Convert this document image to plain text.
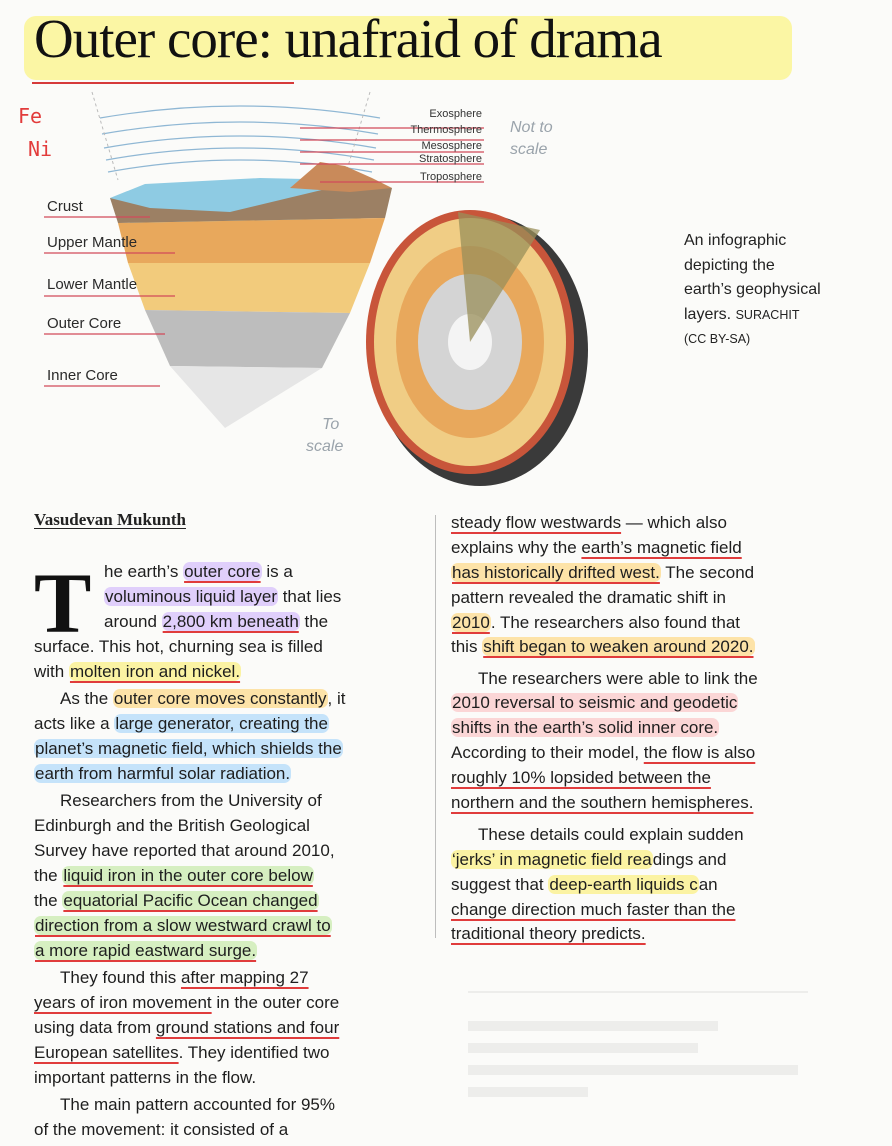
Outer core: unafraid of drama
Fe
Ni
Crust
Upper Mantle
Lower Mantle
Outer Core
Inner Core
Exosphere
Thermosphere
Mesosphere
Stratosphere
Troposphere
Not to
scale
To
scale
An infographic
depicting the
earth’s geophysical
layers. SURACHIT
(CC BY-SA)
Vasudevan Mukunth
T he earth’s outer core is a
voluminous liquid layer that lies
around 2,800 km beneath the
surface. This hot, churning sea is filled
with molten iron and nickel.
As the outer core moves constantly, it
acts like a large generator, creating the
planet’s magnetic field, which shields the
earth from harmful solar radiation.
Researchers from the University of
Edinburgh and the British Geological
Survey have reported that around 2010,
the liquid iron in the outer core below
the equatorial Pacific Ocean changed
direction from a slow westward crawl to
a more rapid eastward surge.
They found this after mapping 27
years of iron movement in the outer core
using data from ground stations and four
European satellites. They identified two
important patterns in the flow.
The main pattern accounted for 95%
of the movement: it consisted of a
steady flow westwards — which also
explains why the earth’s magnetic field
has historically drifted west. The second
pattern revealed the dramatic shift in
2010. The researchers also found that
this shift began to weaken around 2020.
The researchers were able to link the
2010 reversal to seismic and geodetic
shifts in the earth’s solid inner core.
According to their model, the flow is also
roughly 10% lopsided between the
northern and the southern hemispheres.
These details could explain sudden
‘jerks’ in magnetic field readings and
suggest that deep-earth liquids can
change direction much faster than the
traditional theory predicts.
